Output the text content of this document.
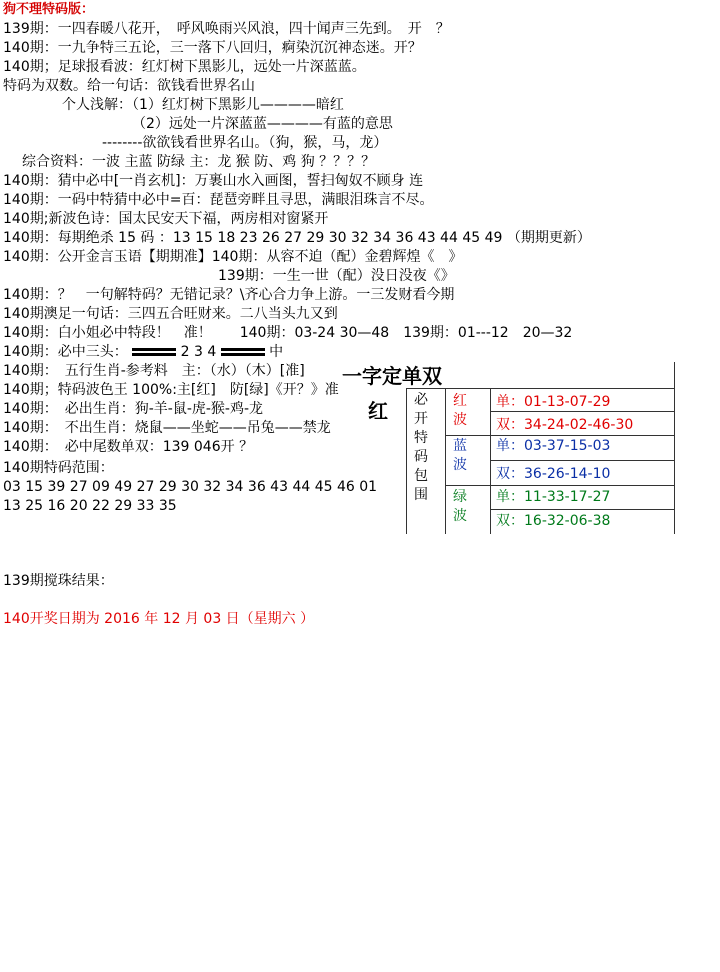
狗不理特码版：
139期：一四春暖八花开，　呼风唤雨兴风浪，四十闻声三先到。　开　？
140期：一九争特三五论，三一落下八回归，痾染沉沉神态迷。开？
140期；足球报看波：红灯树下黑影儿，远处一片深蓝蓝。
特码为双数。给一句话：欲钱看世界名山
个人浅解：（1）红灯树下黑影儿————暗红
（2）远处一片深蓝蓝————有蓝的意思
--------欲欲钱看世界名山。（狗，猴，马，龙）
综合资料：一波 主蓝 防绿 主：龙 猴 防、鸡 狗 ？？？？
140期：猜中必中[一肖玄机]：万裹山水入画图，誓扫匈奴不顾身 连
140期：一码中特猜中必中=百：琵琶旁畔且寻思，满眼泪珠言不尽。
140期;新波色诗：国太民安天下福，两房相对窗紧开
140期：每期绝杀 15 码 ：13 15 18 23 26 27 29 30 32 34 36 43 44 45 49 （期期更新）
140期：公开金言玉语【期期准】140期：从容不迫（配）金碧辉煌《　》
139期：一生一世（配）没日没夜《》
140期：？　一句解特码？无错记录？\齐心合力争上游。一三发财看今期
140期澳足一句话：三四五合旺财来。二八当头九又到
140期：白小姐必中特段！　准！　　140期：03-24 30—48　139期：01---12　20—32
140期：必中三头：	2 3 4	中
140期：　五行生肖-参考料　主：（水）（木）[准]
140期；特码波色王 100%:主[红]　防[绿]《开？》准
140期：　必出生肖：狗-羊-鼠-虎-猴-鸡-龙
140期：　不出生肖：烧鼠——坐蛇——吊兔——禁龙
140期：　必中尾数单双：139 046开 ？
140期特码范围：
03 15 39 27 09 49 27 29 30 32 34 36 43 44 45 46 01
13 25 16 20 22 29 33 35
一字定单双
红 必
开
特
码
包
围
红
波
蓝
波
绿
波
单：01-13-07-29
双：34-24-02-46-30
单：03-37-15-03
双：36-26-14-10
单：11-33-17-27
双：16-32-06-38
139期搅珠结果：
140开奖日期为 2016 年 12 月 03 日（星期六 ）
